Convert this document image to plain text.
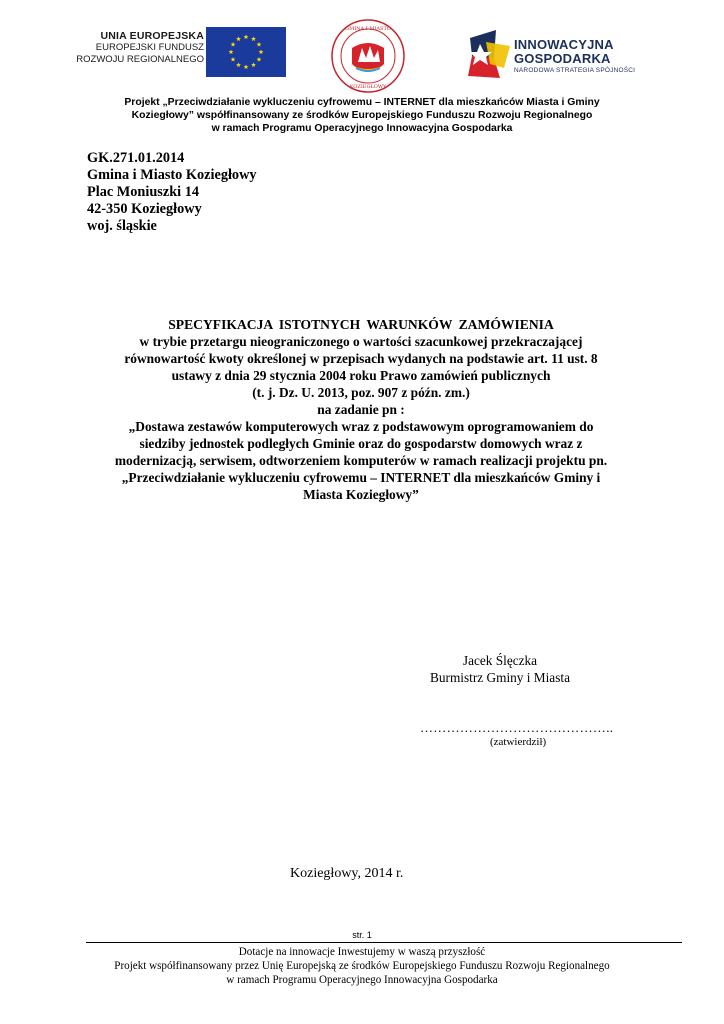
UNIA EUROPEJSKA
EUROPEJSKI FUNDUSZ
ROZWOJU REGIONALNEGO
GMINA I MIASTO
KOZIEGŁOWY
INNOWACYJNA
GOSPODARKA
NARODOWA STRATEGIA SPÓJNOŚCI
Projekt „Przeciwdziałanie wykluczeniu cyfrowemu – INTERNET dla mieszkańców Miasta i Gminy
Koziegłowy” współfinansowany ze środków Europejskiego Funduszu Rozwoju Regionalnego
w ramach Programu Operacyjnego Innowacyjna Gospodarka
GK.271.01.2014
Gmina i Miasto Koziegłowy
Plac Moniuszki 14
42-350 Koziegłowy
woj. śląskie
SPECYFIKACJA ISTOTNYCH WARUNKÓW ZAMÓWIENIA
w trybie przetargu nieograniczonego o wartości szacunkowej przekraczającej
równowartość kwoty określonej w przepisach wydanych na podstawie art. 11 ust. 8
ustawy z dnia 29 stycznia 2004 roku Prawo zamówień publicznych
(t. j. Dz. U. 2013, poz. 907 z późn. zm.)
na zadanie pn :
„Dostawa zestawów komputerowych wraz z podstawowym oprogramowaniem do
siedziby jednostek podległych Gminie oraz do gospodarstw domowych wraz z
modernizacją, serwisem, odtworzeniem komputerów w ramach realizacji projektu pn.
„Przeciwdziałanie wykluczeniu cyfrowemu – INTERNET dla mieszkańców Gminy i
Miasta Koziegłowy”
Jacek Ślęczka
Burmistrz Gminy i Miasta
……………………………………..
(zatwierdził)
Koziegłowy, 2014 r.
str. 1
Dotacje na innowacje Inwestujemy w waszą przyszłość
Projekt współfinansowany przez Unię Europejską ze środków Europejskiego Funduszu Rozwoju Regionalnego
w ramach Programu Operacyjnego Innowacyjna Gospodarka
